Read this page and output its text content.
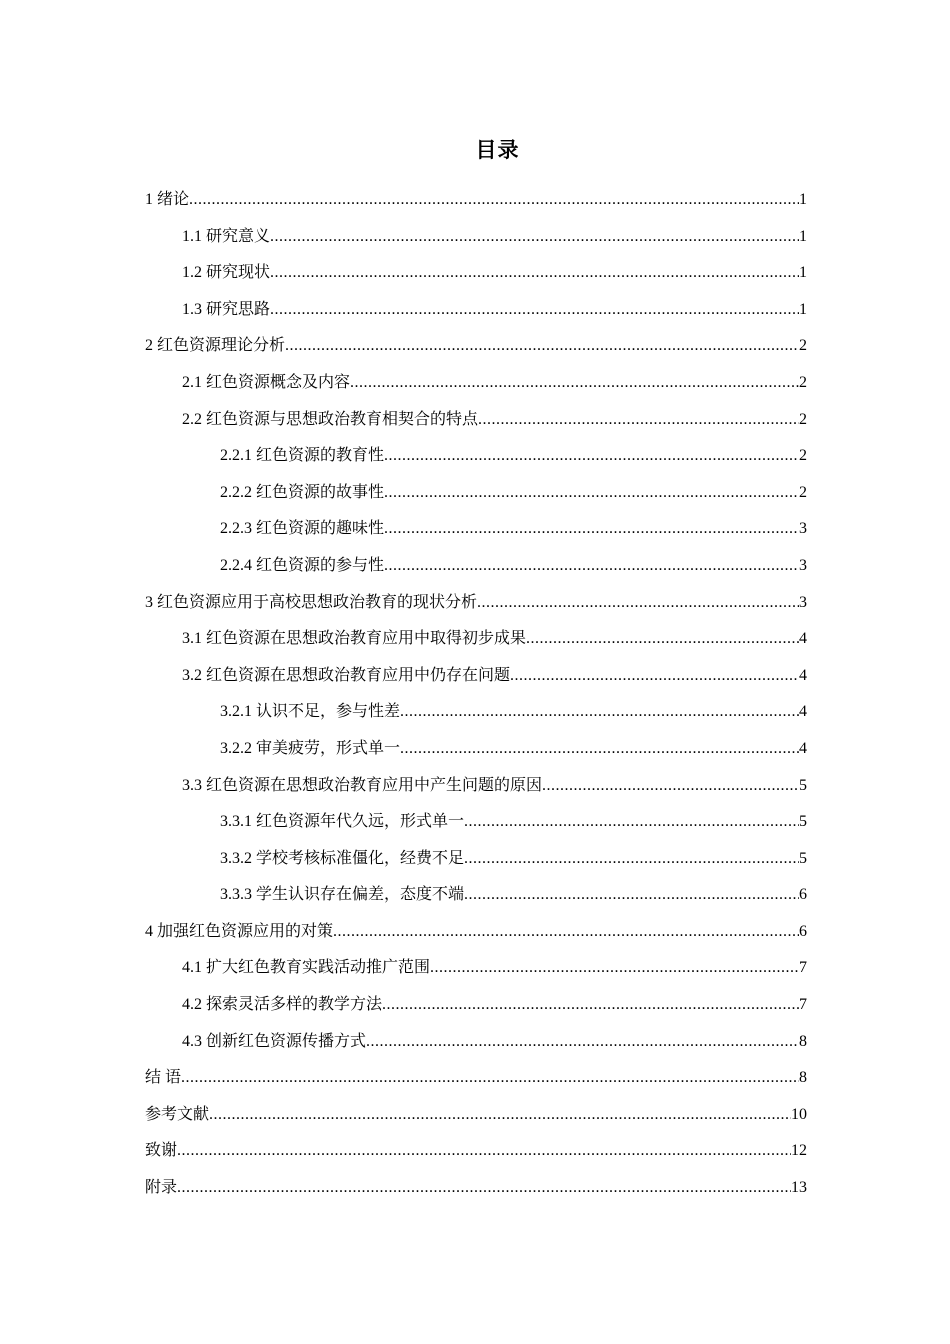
目录
1 绪论 .....	1
1.1 研究意义 .....	1
1.2 研究现状 .....	1
1.3 研究思路 .....	1
2 红色资源理论分析 .....	2
2.1 红色资源概念及内容 .....	2
2.2 红色资源与思想政治教育相契合的特点 .....	2
2.2.1 红色资源的教育性 .....	2
2.2.2 红色资源的故事性 .....	2
2.2.3 红色资源的趣味性 .....	3
2.2.4 红色资源的参与性 .....	3
3 红色资源应用于高校思想政治教育的现状分析 .....	3
3.1 红色资源在思想政治教育应用中取得初步成果 .....	4
3.2 红色资源在思想政治教育应用中仍存在问题 .....	4
3.2.1 认识不足，参与性差 .....	4
3.2.2 审美疲劳，形式单一 .....	4
3.3 红色资源在思想政治教育应用中产生问题的原因 .....	5
3.3.1 红色资源年代久远，形式单一 .....	5
3.3.2 学校考核标准僵化，经费不足 .....	5
3.3.3 学生认识存在偏差，态度不端 .....	6
4 加强红色资源应用的对策 .....	6
4.1 扩大红色教育实践活动推广范围 .....	7
4.2 探索灵活多样的教学方法 .....	7
4.3 创新红色资源传播方式 .....	8
结 语 .....	8
参考文献 .....	10
致谢 .....	12
附录 .....	13
